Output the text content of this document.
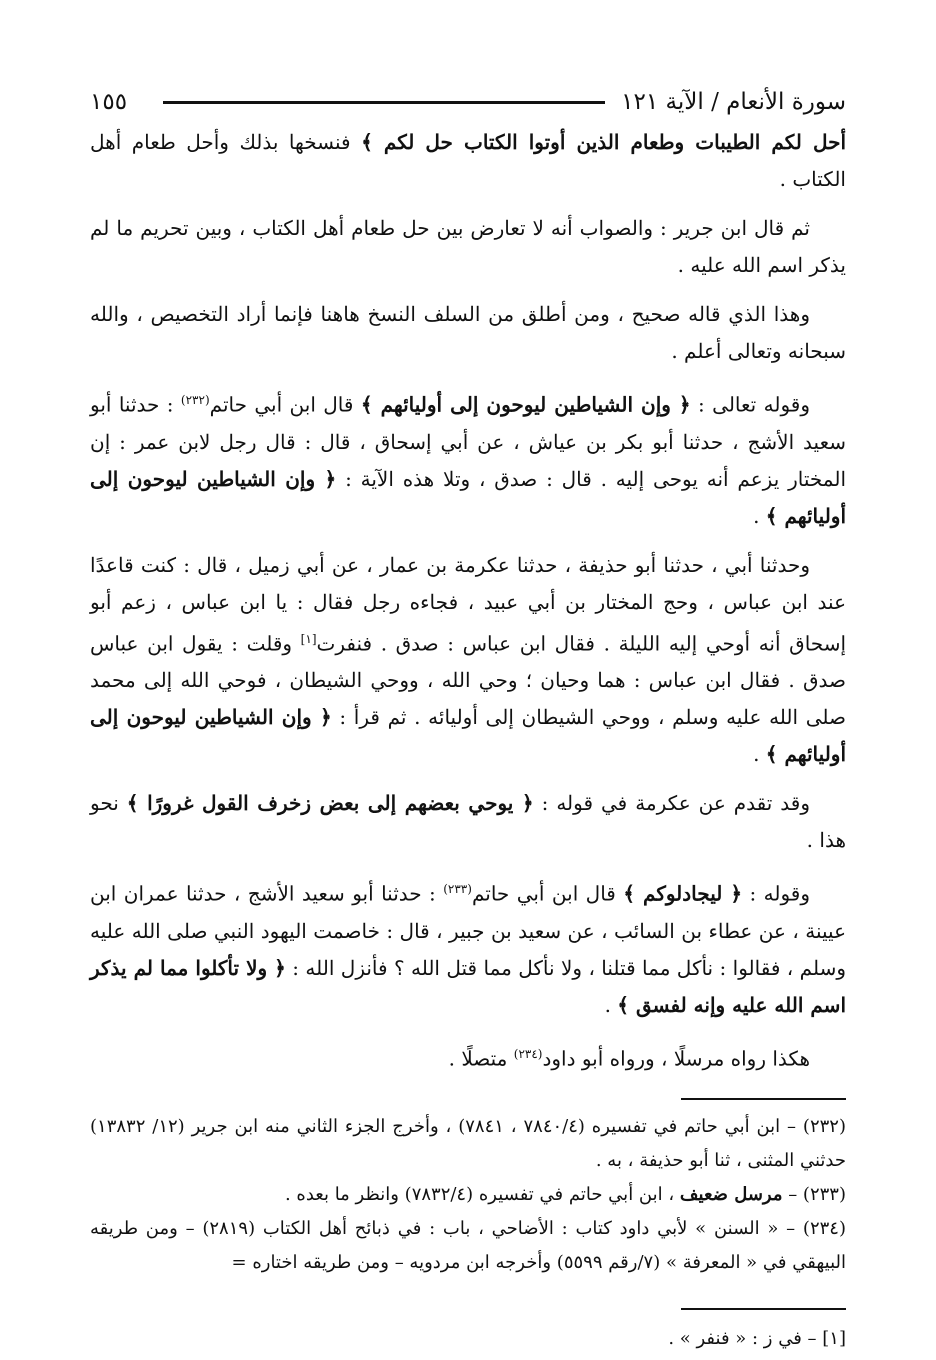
سورة الأنعام / الآية ١٢١
١٥٥

أحل لكم الطيبات وطعام الذين أوتوا الكتاب حل لكم ﴾ فنسخها بذلك وأحل طعام أهل الكتاب .

ثم قال ابن جرير : والصواب أنه لا تعارض بين حل طعام أهل الكتاب ، وبين تحريم ما لم يذكر اسم الله عليه .

وهذا الذي قاله صحيح ، ومن أطلق من السلف النسخ هاهنا فإنما أراد التخصيص ، والله سبحانه وتعالى أعلم .

وقوله تعالى : ﴿ وإن الشياطين ليوحون إلى أوليائهم ﴾ قال ابن أبي حاتم$^{(٢٣٢)}$ : حدثنا أبو سعيد الأشج ، حدثنا أبو بكر بن عياش ، عن أبي إسحاق ، قال : قال رجل لابن عمر : إن المختار يزعم أنه يوحى إليه . قال : صدق ، وتلا هذه الآية : ﴿ وإن الشياطين ليوحون إلى أوليائهم ﴾ .

وحدثنا أبي ، حدثنا أبو حذيفة ، حدثنا عكرمة بن عمار ، عن أبي زميل ، قال : كنت قاعدًا عند ابن عباس ، وحج المختار بن أبي عبيد ، فجاءه رجل فقال : يا ابن عباس ، زعم أبو إسحاق أنه أوحي إليه الليلة . فقال ابن عباس : صدق . فنفرت[١] وقلت : يقول ابن عباس صدق . فقال ابن عباس : هما وحيان ؛ وحي الله ، ووحي الشيطان ، فوحي الله إلى محمد صلى الله عليه وسلم ، ووحي الشيطان إلى أوليائه . ثم قرأ : ﴿ وإن الشياطين ليوحون إلى أوليائهم ﴾ .

وقد تقدم عن عكرمة في قوله : ﴿ يوحي بعضهم إلى بعض زخرف القول غرورًا ﴾ نحو هذا .

وقوله : ﴿ ليجادلوكم ﴾ قال ابن أبي حاتم$^{(٢٣٣)}$ : حدثنا أبو سعيد الأشج ، حدثنا عمران ابن عيينة ، عن عطاء بن السائب ، عن سعيد بن جبير ، قال : خاصمت اليهود النبي صلى الله عليه وسلم ، فقالوا : نأكل مما قتلنا ، ولا نأكل مما قتل الله ؟ فأنزل الله : ﴿ ولا تأكلوا مما لم يذكر اسم الله عليه وإنه لفسق ﴾ .

هكذا رواه مرسلًا ، ورواه أبو داود$^{(٢٣٤)}$ متصلًا .

(٢٣٢) – ابن أبي حاتم في تفسيره (٧٨٤٠/٤ ، ٧٨٤١) ، وأخرج الجزء الثاني منه ابن جرير (١٢/ ١٣٨٣٢) حدثني المثنى ، ثنا أبو حذيفة ، به .

(٢٣٣) – مرسل ضعيف ، ابن أبي حاتم في تفسيره (٧٨٣٢/٤) وانظر ما بعده .

(٢٣٤) – « السنن » لأبي داود كتاب : الأضاحي ، باب : في ذبائح أهل الكتاب (٢٨١٩) – ومن طريقه البيهقي في « المعرفة » (٧/رقم ٥٥٩٩) وأخرجه ابن مردويه – ومن طريقه اختاره =

[١] – في ز : « فنفر » .
